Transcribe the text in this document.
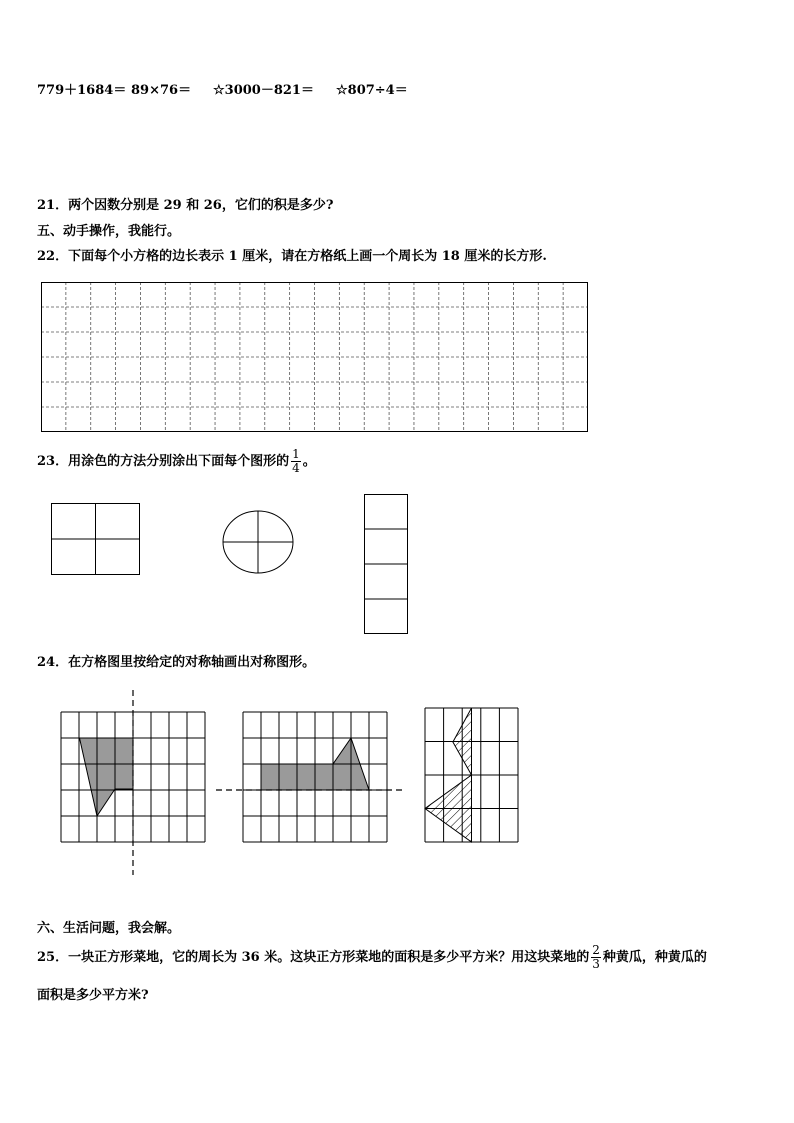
779＋1684＝ 89×76＝ ☆3000－821＝ ☆807÷4＝
21．两个因数分别是 29 和 26，它们的积是多少?
五、动手操作，我能行。
22．下面每个小方格的边长表示 1 厘米，请在方格纸上画一个周长为 18 厘米的长方形.
23．用涂色的方法分别涂出下面每个图形的 $\frac{1}{4}$ 。
24．在方格图里按给定的对称轴画出对称图形。
六、生活问题，我会解。
25．一块正方形菜地，它的周长为 36 米。这块正方形菜地的面积是多少平方米？用这块菜地的 $\frac{2}{3}$ 种黄瓜，种黄瓜的
面积是多少平方米?
